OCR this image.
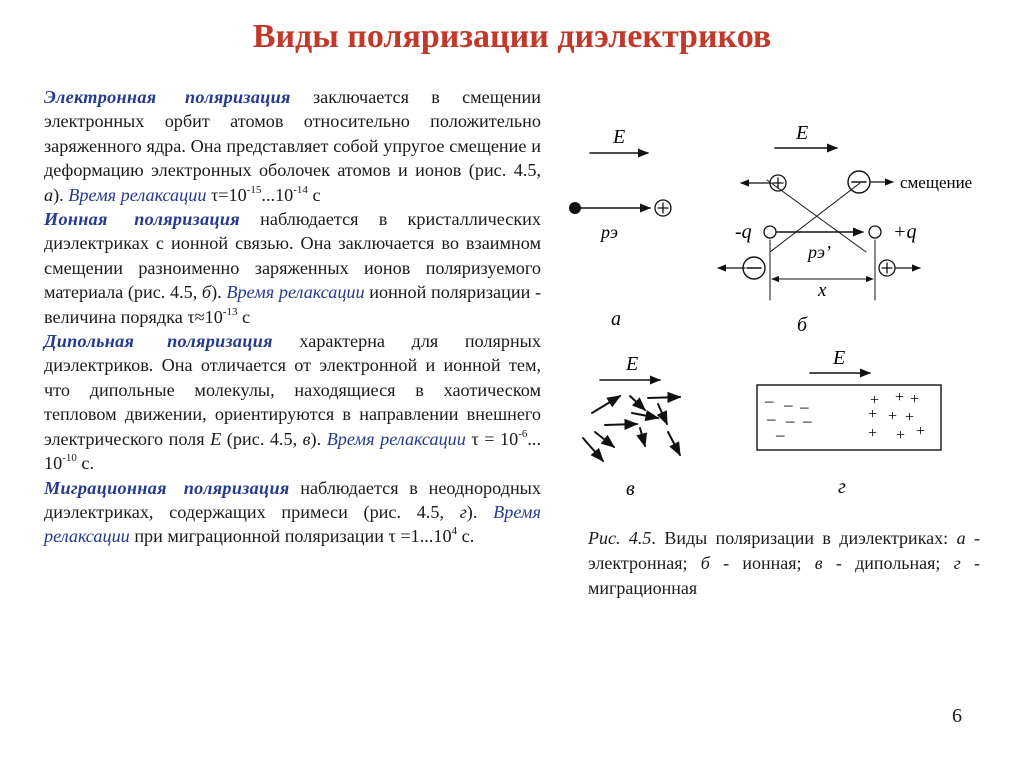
Виды поляризации диэлектриков

Электронная поляризация заключается в смещении электронных орбит атомов относительно положительно заряженного ядра. Она представляет собой упругое смещение и деформацию электронных оболочек атомов и ионов (рис. 4.5, а). Время релаксации $\tau=10^{-15}...10^{-14}$ с

Ионная поляризация наблюдается в кристаллических диэлектриках с ионной связью. Она заключается во взаимном смещении разноименно заряженных ионов поляризуемого материала (рис. 4.5, б). Время релаксации ионной поляризации - величина порядка $\tau\approx 10^{-13}$ с

Дипольная поляризация характерна для полярных диэлектриков. Она отличается от электронной и ионной тем, что дипольные молекулы, находящиеся в хаотическом тепловом движении, ориентируются в направлении внешнего электрического поля Е (рис. 4.5, в). Время релаксации $\tau = 10^{-6}$... $10^{-10}$ с.

Миграционная поляризация наблюдается в неоднородных диэлектриках, содержащих примеси (рис. 4.5, г). Время релаксации при миграционной поляризации $\tau =1...10^4$ с.

E
pэ
а
E
смещение
-q	+q
pэ’
x
б
E
в
E
– – –
– – –
–
+ + +
+ + +
+ + +
г
Рис. 4.5. Виды поляризации в диэлектриках: а - электронная; б - ионная; в - дипольная; г - миграционная
6
